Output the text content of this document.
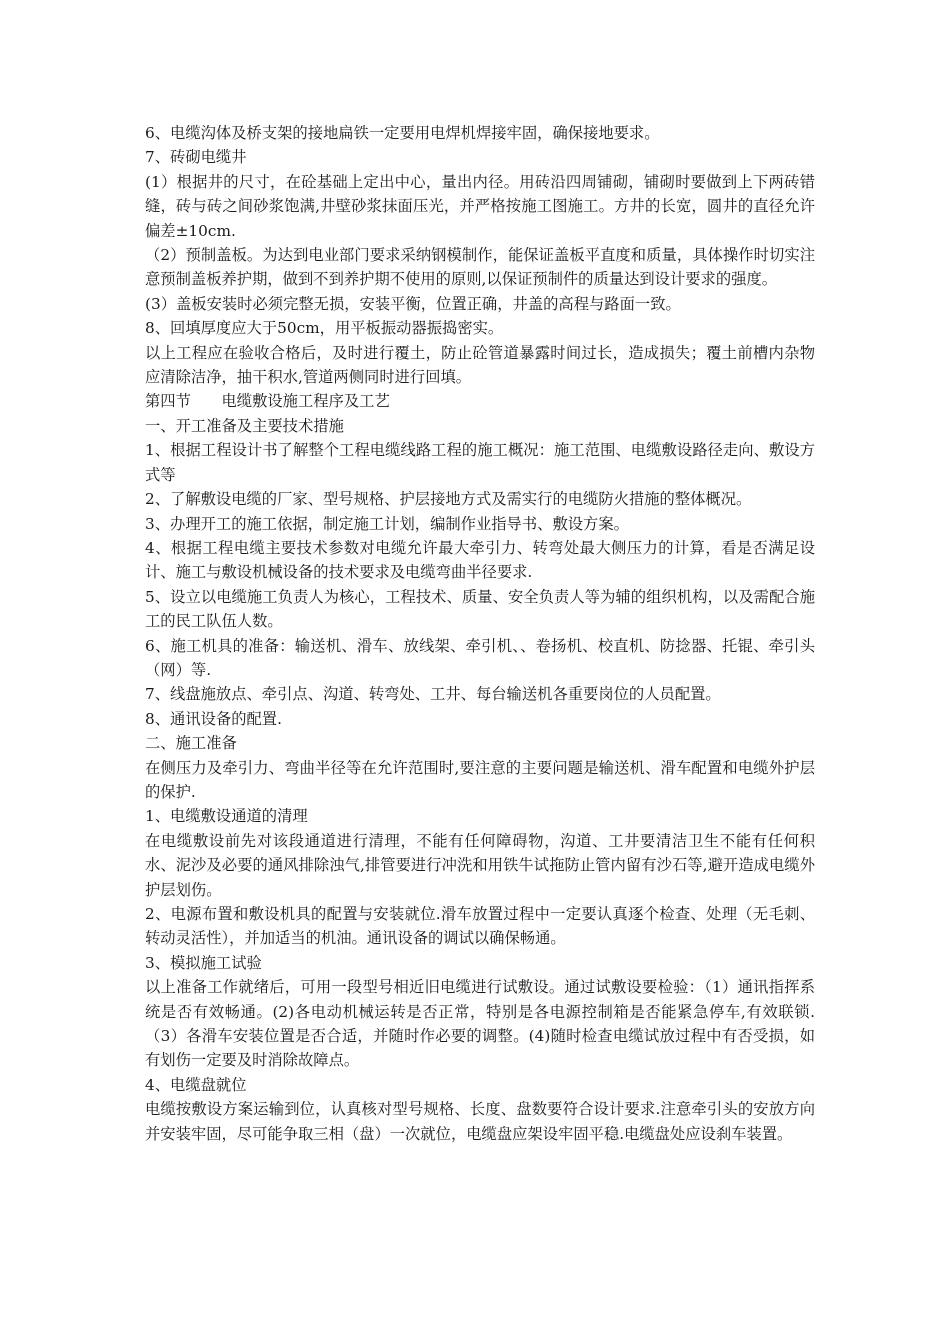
6、电缆沟体及桥支架的接地扁铁一定要用电焊机焊接牢固，确保接地要求。

7、砖砌电缆井

(1）根据井的尺寸，在砼基础上定出中心，量出内径。用砖沿四周铺砌，铺砌时要做到上下两砖错缝，砖与砖之间砂浆饱满,井壁砂浆抹面压光，并严格按施工图施工。方井的长宽，圆井的直径允许偏差±10cm.

（2）预制盖板。为达到电业部门要求采纳钢模制作，能保证盖板平直度和质量，具体操作时切实注意预制盖板养护期，做到不到养护期不使用的原则,以保证预制件的质量达到设计要求的强度。

(3）盖板安装时必须完整无损，安装平衡，位置正确，井盖的高程与路面一致。

8、回填厚度应大于50cm，用平板振动器振捣密实。

以上工程应在验收合格后，及时进行覆土，防止砼管道暴露时间过长，造成损失；覆土前槽内杂物应清除洁净，抽干积水,管道两侧同时进行回填。

第四节　　电缆敷设施工程序及工艺

一、开工准备及主要技术措施

1、根据工程设计书了解整个工程电缆线路工程的施工概况：施工范围、电缆敷设路径走向、敷设方式等

2、了解敷设电缆的厂家、型号规格、护层接地方式及需实行的电缆防火措施的整体概况。

3、办理开工的施工依据，制定施工计划，编制作业指导书、敷设方案。

4、根据工程电缆主要技术参数对电缆允许最大牵引力、转弯处最大侧压力的计算，看是否满足设计、施工与敷设机械设备的技术要求及电缆弯曲半径要求.

5、设立以电缆施工负责人为核心，工程技术、质量、安全负责人等为辅的组织机构，以及需配合施工的民工队伍人数。

6、施工机具的准备：输送机、滑车、放线架、牵引机、、卷扬机、校直机、防捻器、托锟、牵引头（网）等.

7、线盘施放点、牵引点、沟道、转弯处、工井、每台输送机各重要岗位的人员配置。

8、通讯设备的配置.

二、施工准备

在侧压力及牵引力、弯曲半径等在允许范围时,要注意的主要问题是输送机、滑车配置和电缆外护层的保护.

1、电缆敷设通道的清理

在电缆敷设前先对该段通道进行清理，不能有任何障碍物，沟道、工井要清洁卫生不能有任何积水、泥沙及必要的通风排除浊气,排管要进行冲洗和用铁牛试拖防止管内留有沙石等,避开造成电缆外护层划伤。

2、电源布置和敷设机具的配置与安装就位.滑车放置过程中一定要认真逐个检查、处理（无毛刺、转动灵活性），并加适当的机油。通讯设备的调试以确保畅通。

3、模拟施工试验

以上准备工作就绪后，可用一段型号相近旧电缆进行试敷设。通过试敷设要检验：（1）通讯指挥系统是否有效畅通。(2)各电动机械运转是否正常，特别是各电源控制箱是否能紧急停车,有效联锁.（3）各滑车安装位置是否合适，并随时作必要的调整。(4)随时检查电缆试放过程中有否受损，如有划伤一定要及时消除故障点。

4、电缆盘就位

电缆按敷设方案运输到位，认真核对型号规格、长度、盘数要符合设计要求.注意牵引头的安放方向并安装牢固，尽可能争取三相（盘）一次就位，电缆盘应架设牢固平稳.电缆盘处应设刹车装置。
